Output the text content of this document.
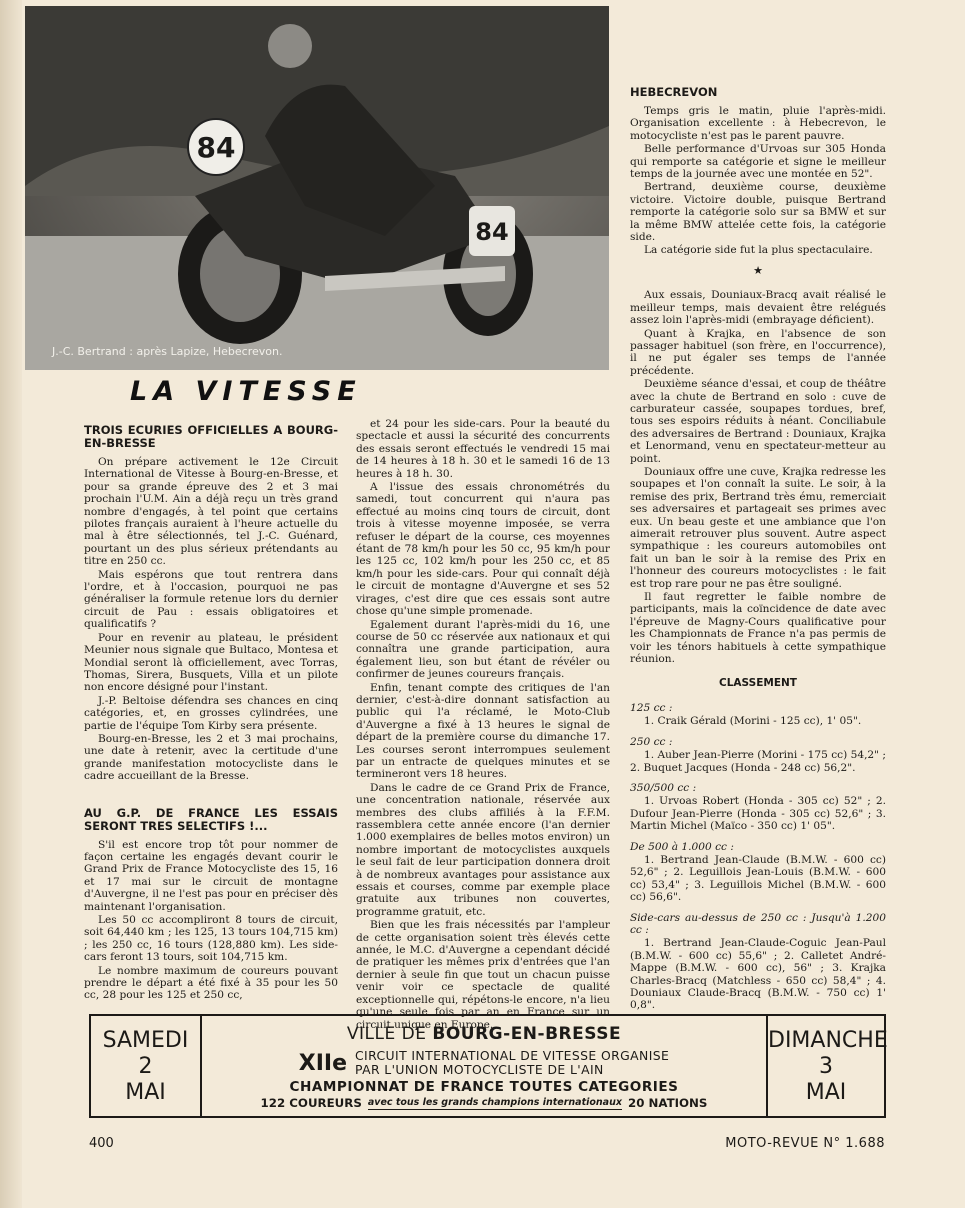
84
84
J.-C. Bertrand : après Lapize, Hebecrevon.
LA VITESSE
TROIS ECURIES OFFICIELLES A BOURG-EN-BRESSE

On prépare activement le 12e Circuit International de Vitesse à Bourg-en-Bresse, et pour sa grande épreuve des 2 et 3 mai prochain l'U.M. Ain a déjà reçu un très grand nombre d'engagés, à tel point que certains pilotes français auraient à l'heure actuelle du mal à être sélectionnés, tel J.-C. Guénard, pourtant un des plus sérieux prétendants au titre en 250 cc.

Mais espérons que tout rentrera dans l'ordre, et à l'occasion, pourquoi ne pas généraliser la formule retenue lors du dernier circuit de Pau : essais obligatoires et qualificatifs ?

Pour en revenir au plateau, le président Meunier nous signale que Bultaco, Montesa et Mondial seront là officiellement, avec Torras, Thomas, Sirera, Busquets, Villa et un pilote non encore désigné pour l'instant.

J.-P. Beltoise défendra ses chances en cinq catégories, et, en grosses cylindrées, une partie de l'équipe Tom Kirby sera présente.

Bourg-en-Bresse, les 2 et 3 mai prochains, une date à retenir, avec la certitude d'une grande manifestation motocycliste dans le cadre accueillant de la Bresse.

AU G.P. DE FRANCE LES ESSAIS SERONT TRES SELECTIFS !...

S'il est encore trop tôt pour nommer de façon certaine les engagés devant courir le Grand Prix de France Motocycliste des 15, 16 et 17 mai sur le circuit de montagne d'Auvergne, il ne l'est pas pour en préciser dès maintenant l'organisation.

Les 50 cc accompliront 8 tours de circuit, soit 64,440 km ; les 125, 13 tours 104,715 km) ; les 250 cc, 16 tours (128,880 km). Les side-cars feront 13 tours, soit 104,715 km.

Le nombre maximum de coureurs pouvant prendre le départ a été fixé à 35 pour les 50 cc, 28 pour les 125 et 250 cc,

et 24 pour les side-cars. Pour la beauté du spectacle et aussi la sécurité des concurrents des essais seront effectués le vendredi 15 mai de 14 heures à 18 h. 30 et le samedi 16 de 13 heures à 18 h. 30.

A l'issue des essais chronométrés du samedi, tout concurrent qui n'aura pas effectué au moins cinq tours de circuit, dont trois à vitesse moyenne imposée, se verra refuser le départ de la course, ces moyennes étant de 78 km/h pour les 50 cc, 95 km/h pour les 125 cc, 102 km/h pour les 250 cc, et 85 km/h pour les side-cars. Pour qui connaît déjà le circuit de montagne d'Auvergne et ses 52 virages, c'est dire que ces essais sont autre chose qu'une simple promenade.

Egalement durant l'après-midi du 16, une course de 50 cc réservée aux nationaux et qui connaîtra une grande participation, aura également lieu, son but étant de révéler ou confirmer de jeunes coureurs français.

Enfin, tenant compte des critiques de l'an dernier, c'est-à-dire donnant satisfaction au public qui l'a réclamé, le Moto-Club d'Auvergne a fixé à 13 heures le signal de départ de la première course du dimanche 17. Les courses seront interrompues seulement par un entracte de quelques minutes et se termineront vers 18 heures.

Dans le cadre de ce Grand Prix de France, une concentration nationale, réservée aux membres des clubs affiliés à la F.F.M. rassemblera cette année encore (l'an dernier 1.000 exemplaires de belles motos environ) un nombre important de motocyclistes auxquels le seul fait de leur participation donnera droit à de nombreux avantages pour assistance aux essais et courses, comme par exemple place gratuite aux tribunes non couvertes, programme gratuit, etc.

Bien que les frais nécessités par l'ampleur de cette organisation soient très élevés cette année, le M.C. d'Auvergne a cependant décidé de pratiquer les mêmes prix d'entrées que l'an dernier à seule fin que tout un chacun puisse venir voir ce spectacle de qualité exceptionnelle qui, répétons-le encore, n'a lieu qu'une seule fois par an en France sur un circuit unique en Europe.

HEBECREVON

Temps gris le matin, pluie l'après-midi. Organisation excellente : à Hebecrevon, le motocycliste n'est pas le parent pauvre.

Belle performance d'Urvoas sur 305 Honda qui remporte sa catégorie et signe le meilleur temps de la journée avec une montée en 52".

Bertrand, deuxième course, deuxième victoire. Victoire double, puisque Bertrand remporte la catégorie solo sur sa BMW et sur la même BMW attelée cette fois, la catégorie side.

La catégorie side fut la plus spectaculaire.

★

Aux essais, Douniaux-Bracq avait réalisé le meilleur temps, mais devaient être relégués assez loin l'après-midi (embrayage déficient).

Quant à Krajka, en l'absence de son passager habituel (son frère, en l'occurrence), il ne put égaler ses temps de l'année précédente.

Deuxième séance d'essai, et coup de théâtre avec la chute de Bertrand en solo : cuve de carburateur cassée, soupapes tordues, bref, tous ses espoirs réduits à néant. Conciliabule des adversaires de Bertrand : Douniaux, Krajka et Lenormand, venu en spectateur-metteur au point.

Douniaux offre une cuve, Krajka redresse les soupapes et l'on connaît la suite. Le soir, à la remise des prix, Bertrand très ému, remerciait ses adversaires et partageait ses primes avec eux. Un beau geste et une ambiance que l'on aimerait retrouver plus souvent. Autre aspect sympathique : les coureurs automobiles ont fait un ban le soir à la remise des Prix en l'honneur des coureurs motocyclistes : le fait est trop rare pour ne pas être souligné.

Il faut regretter le faible nombre de participants, mais la coïncidence de date avec l'épreuve de Magny-Cours qualificative pour les Championnats de France n'a pas permis de voir les ténors habituels à cette sympathique réunion.

CLASSEMENT

125 cc :

1. Craik Gérald (Morini - 125 cc), 1' 05".

250 cc :

1. Auber Jean-Pierre (Morini - 175 cc) 54,2" ; 2. Buquet Jacques (Honda - 248 cc) 56,2".

350/500 cc :

1. Urvoas Robert (Honda - 305 cc) 52" ; 2. Dufour Jean-Pierre (Honda - 305 cc) 52,6" ; 3. Martin Michel (Maïco - 350 cc) 1' 05".

De 500 à 1.000 cc :

1. Bertrand Jean-Claude (B.M.W. - 600 cc) 52,6" ; 2. Leguillois Jean-Louis (B.M.W. - 600 cc) 53,4" ; 3. Leguillois Michel (B.M.W. - 600 cc) 56,6".

Side-cars au-dessus de 250 cc : Jusqu'à 1.200 cc :

1. Bertrand Jean-Claude-Coguic Jean-Paul (B.M.W. - 600 cc) 55,6" ; 2. Calletet André-Mappe (B.M.W. - 600 cc), 56" ; 3. Krajka Charles-Bracq (Matchless - 650 cc) 58,4" ; 4. Douniaux Claude-Bracq (B.M.W. - 750 cc) 1' 0,8".

SAMEDI
2
MAI
VILLE DE BOURG-EN-BRESSE
XIIe CIRCUIT INTERNATIONAL DE VITESSE ORGANISE
PAR L'UNION MOTOCYCLISTE DE L'AIN
CHAMPIONNAT DE FRANCE TOUTES CATEGORIES
122 COUREURS avec tous les grands champions internationaux 20 NATIONS
DIMANCHE
3
MAI
400	MOTO-REVUE N° 1.688
